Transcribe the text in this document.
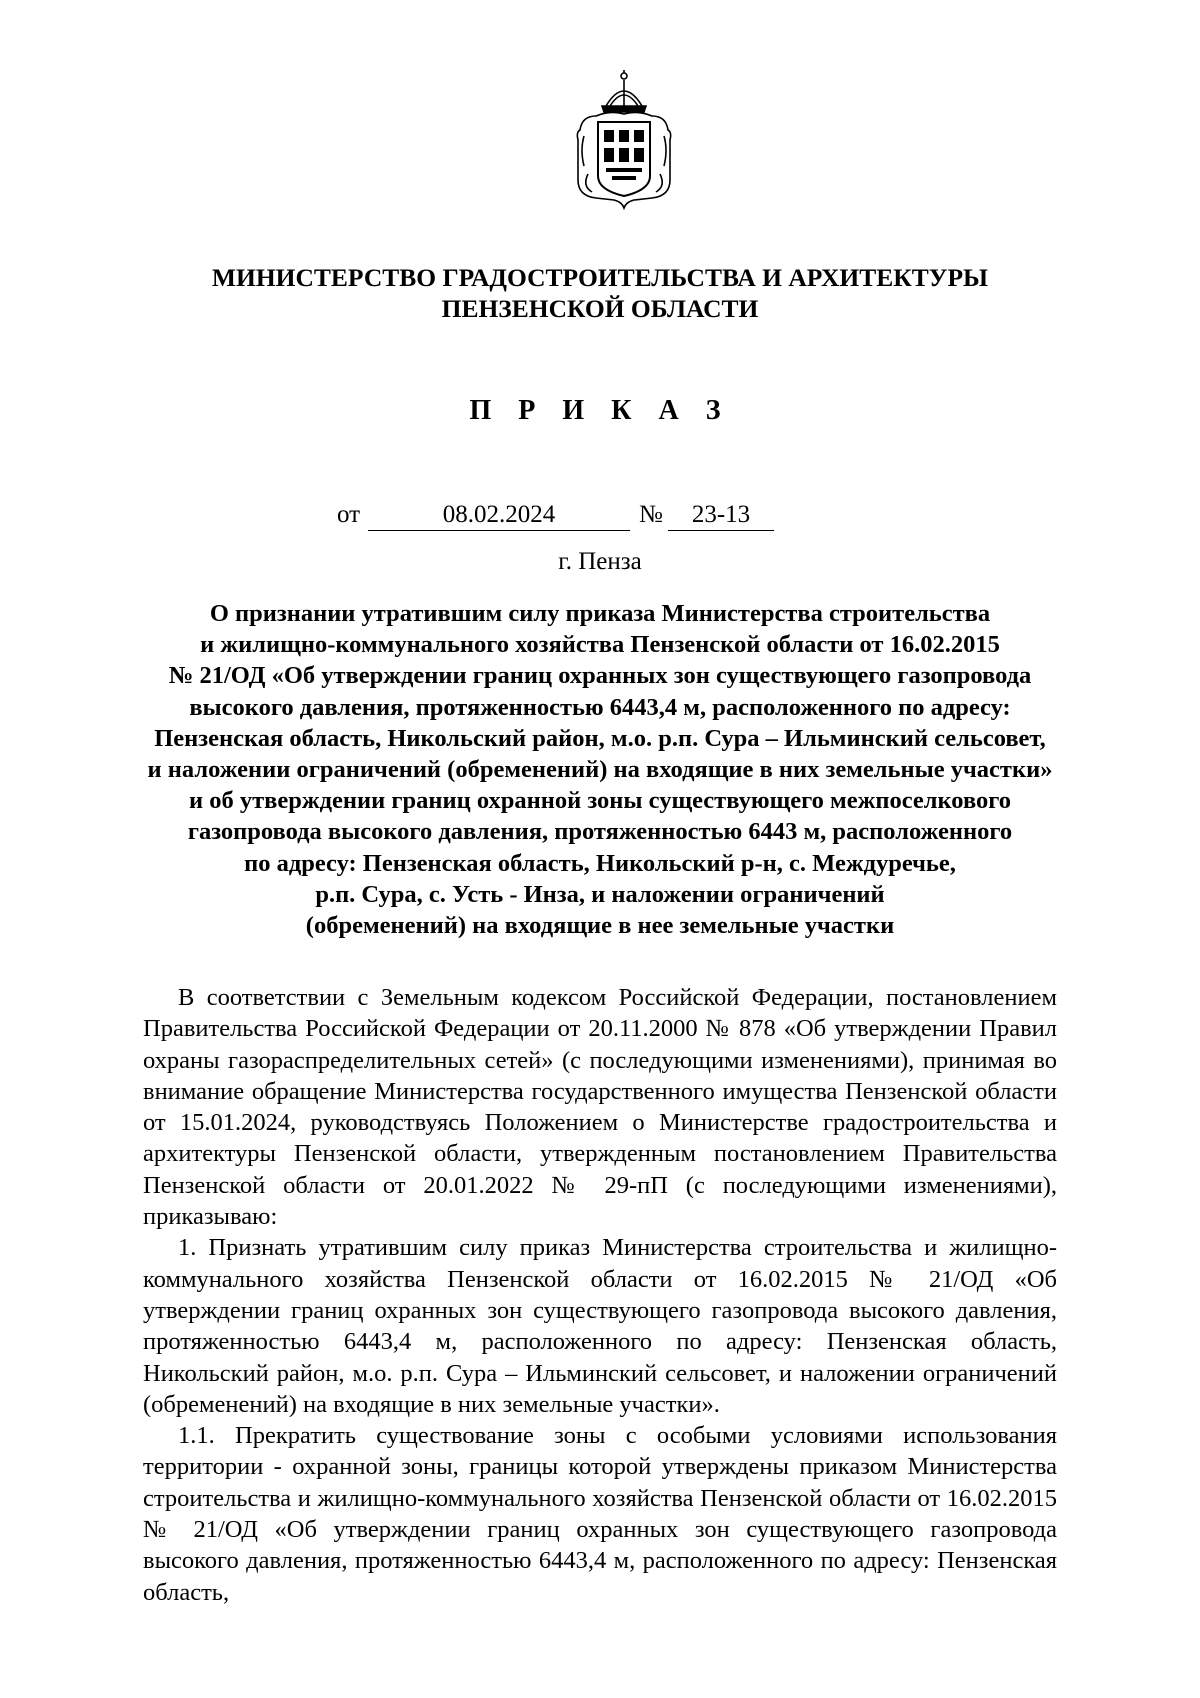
МИНИСТЕРСТВО ГРАДОСТРОИТЕЛЬСТВА И АРХИТЕКТУРЫ
ПЕНЗЕНСКОЙ ОБЛАСТИ
П Р И К А З
от	08.02.2024	№	23-13
г. Пенза
О признании утратившим силу приказа Министерства строительства
и жилищно-коммунального хозяйства Пензенской области от 16.02.2015
№ 21/ОД «Об утверждении границ охранных зон существующего газопровода
высокого давления, протяженностью 6443,4 м, расположенного по адресу:
Пензенская область, Никольский район, м.о. р.п. Сура – Ильминский сельсовет,
и наложении ограничений (обременений) на входящие в них земельные участки»
и об утверждении границ охранной зоны существующего межпоселкового
газопровода высокого давления, протяженностью 6443 м, расположенного
по адресу: Пензенская область, Никольский р-н, с. Междуречье,
р.п. Сура, с. Усть - Инза, и наложении ограничений
(обременений) на входящие в нее земельные участки

В соответствии с Земельным кодексом Российской Федерации, постановлением Правительства Российской Федерации от 20.11.2000 № 878 «Об утверждении Правил охраны газораспределительных сетей» (с последующими изменениями), принимая во внимание обращение Министерства государственного имущества Пензенской области от 15.01.2024, руководствуясь Положением о Министерстве градостроительства и архитектуры Пензенской области, утвержденным постановлением Правительства Пензенской области от 20.01.2022 № 29-пП (с последующими изменениями), приказываю:

1. Признать утратившим силу приказ Министерства строительства и жилищно-коммунального хозяйства Пензенской области от 16.02.2015 № 21/ОД «Об утверждении границ охранных зон существующего газопровода высокого давления, протяженностью 6443,4 м, расположенного по адресу: Пензенская область, Никольский район, м.о. р.п. Сура – Ильминский сельсовет, и наложении ограничений (обременений) на входящие в них земельные участки».

1.1. Прекратить существование зоны с особыми условиями использования территории - охранной зоны, границы которой утверждены приказом Министерства строительства и жилищно-коммунального хозяйства Пензенской области от 16.02.2015 № 21/ОД «Об утверждении границ охранных зон существующего газопровода высокого давления, протяженностью 6443,4 м, расположенного по адресу: Пензенская область,
